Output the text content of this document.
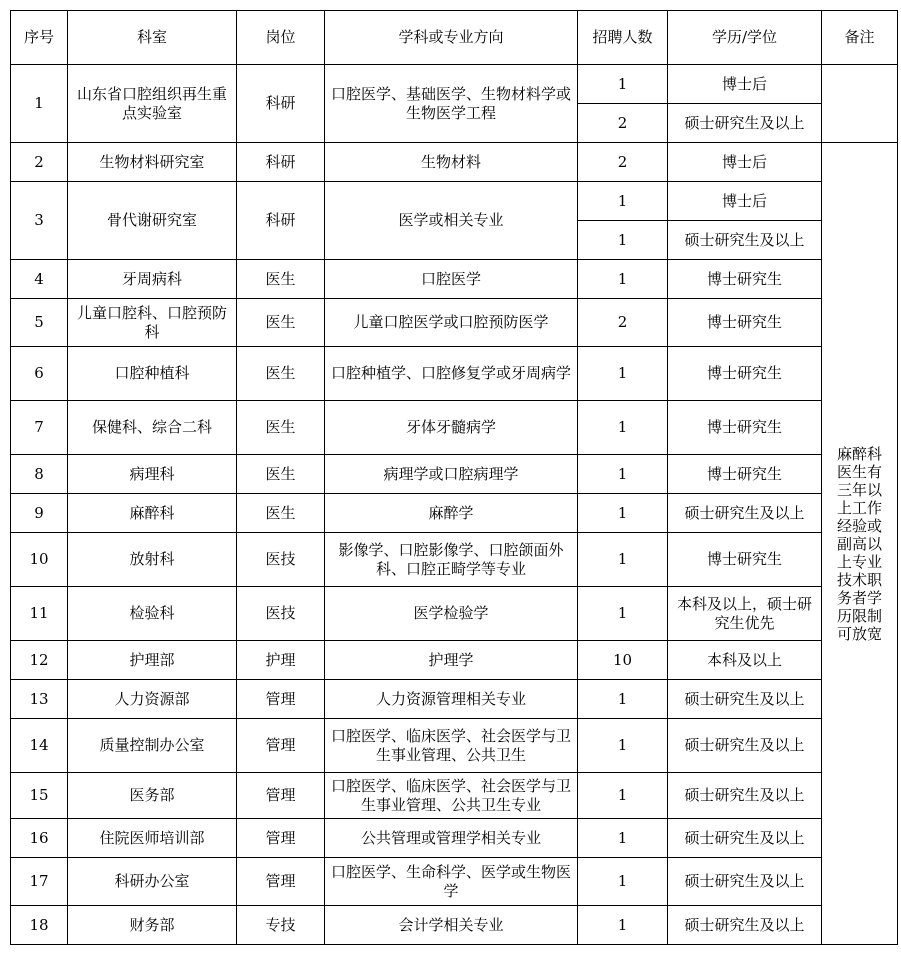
序号	科室	岗位	学科或专业方向	招聘人数	学历/学位	备注
1	山东省口腔组织再生重点实验室	科研	口腔医学、基础医学、生物材料学或生物医学工程	1	博士后	
				2	硕士研究生及以上	
2	生物材料研究室	科研	生物材料	2	博士后	麻醉科医生有三年以上工作经验或副高以上专业技术职务者学历限制可放宽
3	骨代谢研究室	科研	医学或相关专业	1	博士后	
				1	硕士研究生及以上	
4	牙周病科	医生	口腔医学	1	博士研究生	
5	儿童口腔科、口腔预防科	医生	儿童口腔医学或口腔预防医学	2	博士研究生	
6	口腔种植科	医生	口腔种植学、口腔修复学或牙周病学	1	博士研究生	
7	保健科、综合二科	医生	牙体牙髓病学	1	博士研究生	
8	病理科	医生	病理学或口腔病理学	1	博士研究生	
9	麻醉科	医生	麻醉学	1	硕士研究生及以上	
10	放射科	医技	影像学、口腔影像学、口腔颌面外科、口腔正畸学等专业	1	博士研究生	
11	检验科	医技	医学检验学	1	本科及以上，硕士研究生优先	
12	护理部	护理	护理学	10	本科及以上	
13	人力资源部	管理	人力资源管理相关专业	1	硕士研究生及以上	
14	质量控制办公室	管理	口腔医学、临床医学、社会医学与卫生事业管理、公共卫生	1	硕士研究生及以上	
15	医务部	管理	口腔医学、临床医学、社会医学与卫生事业管理、公共卫生专业	1	硕士研究生及以上	
16	住院医师培训部	管理	公共管理或管理学相关专业	1	硕士研究生及以上	
17	科研办公室	管理	口腔医学、生命科学、医学或生物医学	1	硕士研究生及以上	
18	财务部	专技	会计学相关专业	1	硕士研究生及以上	
